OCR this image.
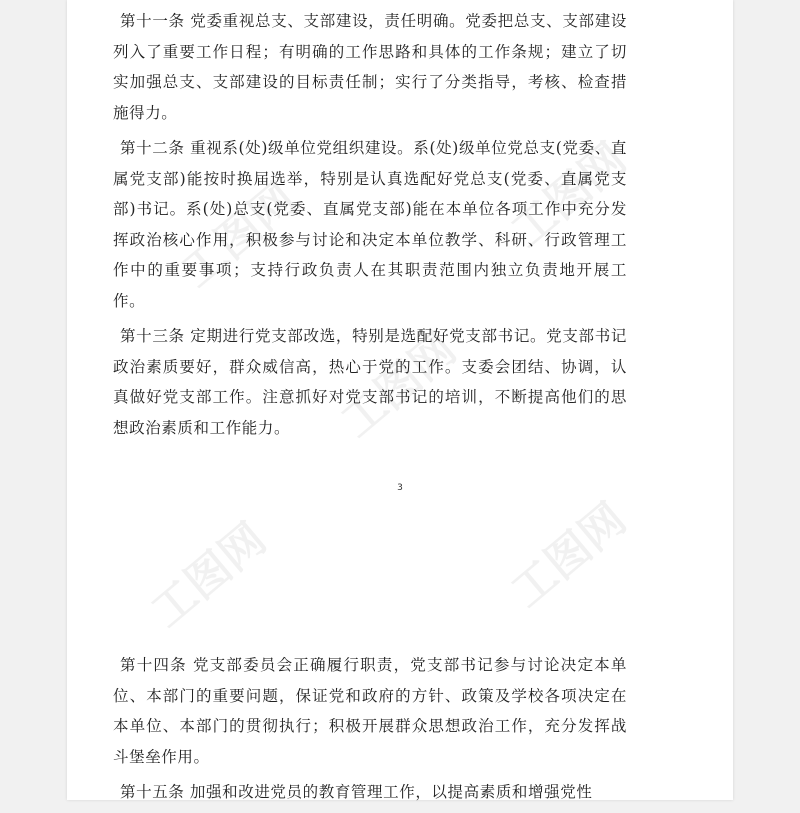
第十一条 党委重视总支、支部建设，责任明确。党委把总支、支部建设列入了重要工作日程；有明确的工作思路和具体的工作条规；建立了切实加强总支、支部建设的目标责任制；实行了分类指导，考核、检查措施得力。

第十二条 重视系(处)级单位党组织建设。系(处)级单位党总支(党委、直属党支部)能按时换届选举，特别是认真选配好党总支(党委、直属党支部)书记。系(处)总支(党委、直属党支部)能在本单位各项工作中充分发挥政治核心作用，积极参与讨论和决定本单位教学、科研、行政管理工作中的重要事项；支持行政负责人在其职责范围内独立负责地开展工作。

第十三条 定期进行党支部改选，特别是选配好党支部书记。党支部书记政治素质要好，群众威信高，热心于党的工作。支委会团结、协调，认真做好党支部工作。注意抓好对党支部书记的培训，不断提高他们的思想政治素质和工作能力。

3

第十四条 党支部委员会正确履行职责，党支部书记参与讨论决定本单位、本部门的重要问题，保证党和政府的方针、政策及学校各项决定在本单位、本部门的贯彻执行；积极开展群众思想政治工作，充分发挥战斗堡垒作用。

第十五条 加强和改进党员的教育管理工作，以提高素质和增强党性
